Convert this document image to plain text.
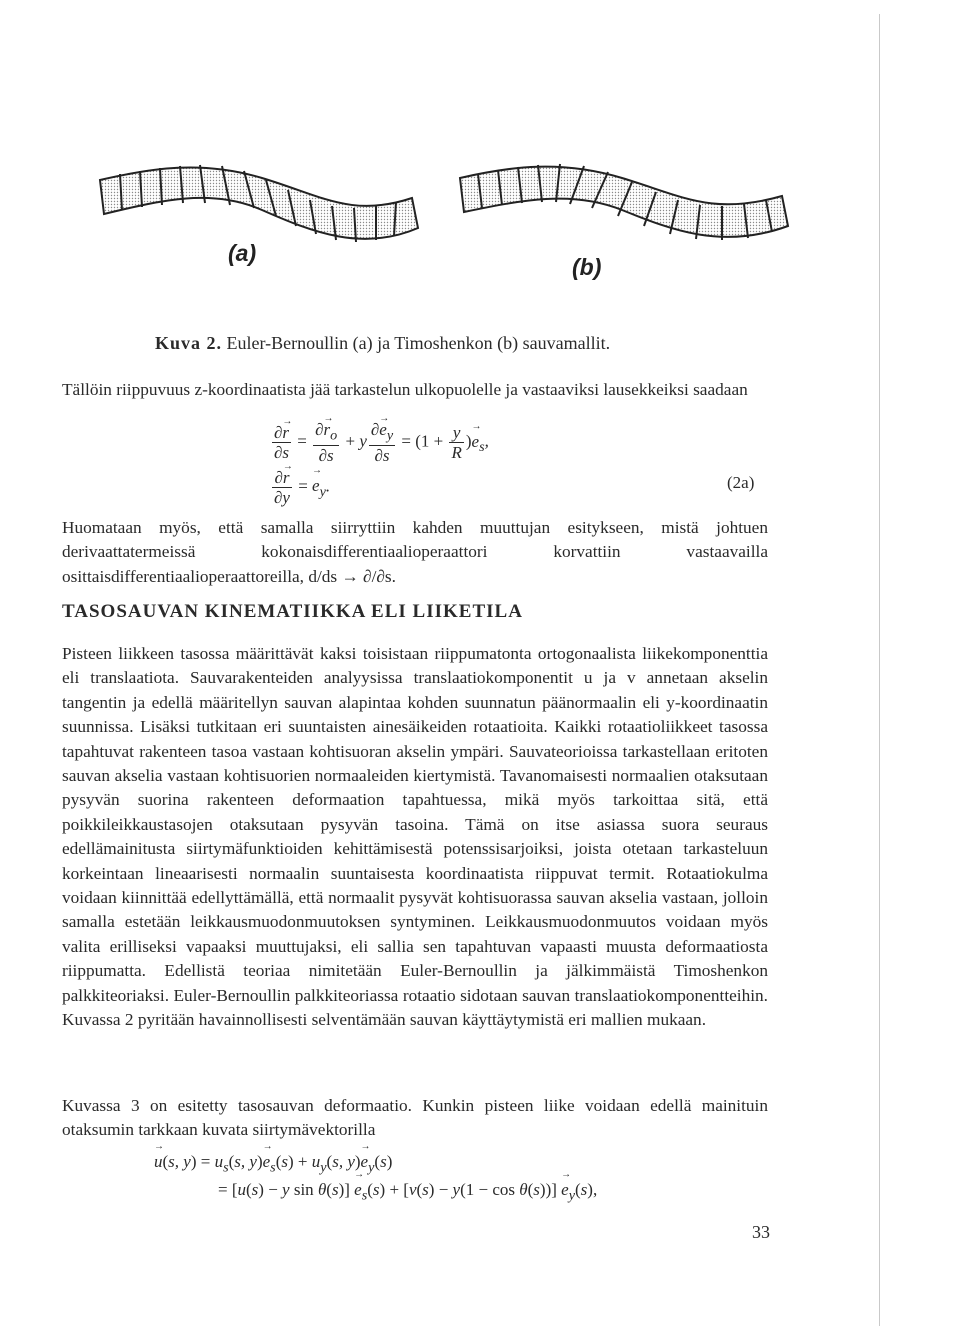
(a)
(b)
Kuva 2. Euler-Bernoullin (a) ja Timoshenkon (b) sauvamallit.

Tällöin riippuvuus z-koordinaatista jää tarkastelun ulkopuolelle ja vastaaviksi lausekkeiksi saadaan

$\frac{\partial r \to}{\partial s} = \frac{\partial r \to_o}{\partial s} + y \frac{\partial e \to_y}{\partial s} = (1 + \frac{y}{R} )e \to_s$,
$\frac{\partial r \to}{\partial y} = e \to_y$.	(2a)

Huomataan myös, että samalla siirryttiin kahden muuttujan esitykseen, mistä johtuen derivaattatermeissä kokonaisdifferentiaalioperaattori korvattiin vastaavailla osittaisdifferentiaalioperaattoreilla, d/ds → ∂/∂s.

TASOSAUVAN KINEMATIIKKA ELI LIIKETILA

Pisteen liikkeen tasossa määrittävät kaksi toisistaan riippumatonta ortogonaalista liikekomponenttia eli translaatiota. Sauvarakenteiden analyysissa translaatiokomponentit u ja v annetaan akselin tangentin ja edellä määritellyn sauvan alapintaa kohden suunnatun päänormaalin eli y-koordinaatin suunnissa. Lisäksi tutkitaan eri suuntaisten ainesäikeiden rotaatioita. Kaikki rotaatioliikkeet tasossa tapahtuvat rakenteen tasoa vastaan kohtisuoran akselin ympäri. Sauvateorioissa tarkastellaan eritoten sauvan akselia vastaan kohtisuorien normaaleiden kiertymistä. Tavanomaisesti normaalien otaksutaan pysyvän suorina rakenteen deformaation tapahtuessa, mikä myös tarkoittaa sitä, että poikkileikkaustasojen otaksutaan pysyvän tasoina. Tämä on itse asiassa suora seuraus edellämainitusta siirtymäfunktioiden kehittämisestä potenssisarjoiksi, joista otetaan tarkasteluun korkeintaan lineaarisesti normaalin suuntaisesta koordinaatista riippuvat termit. Rotaatiokulma voidaan kiinnittää edellyttämällä, että normaalit pysyvät kohtisuorassa sauvan akselia vastaan, jolloin samalla estetään leikkausmuodonmuutoksen syntyminen. Leikkausmuodonmuutos voidaan myös valita erilliseksi vapaaksi muuttujaksi, eli sallia sen tapahtuvan vapaasti muusta deformaatiosta riippumatta. Edellistä teoriaa nimitetään Euler-Bernoullin ja jälkimmäistä Timoshenkon palkkiteoriaksi. Euler-Bernoullin palkkiteoriassa rotaatio sidotaan sauvan translaatiokomponentteihin. Kuvassa 2 pyritään havainnollisesti selventämään sauvan käyttäytymistä eri mallien mukaan.

Kuvassa 3 on esitetty tasosauvan deformaatio. Kunkin pisteen liike voidaan edellä mainituin otaksumin tarkkaan kuvata siirtymävektorilla

u →(s, $y) = u_s(s$, $y)e \to_s(s) + u_y(s$, $y)e \to_y(s)$
= [u(s) − y sin θ(s)] $e \to_s(s) + [v(s) - y(1 - \cos \theta(s))]$ $e \to_y(s)$,
33
